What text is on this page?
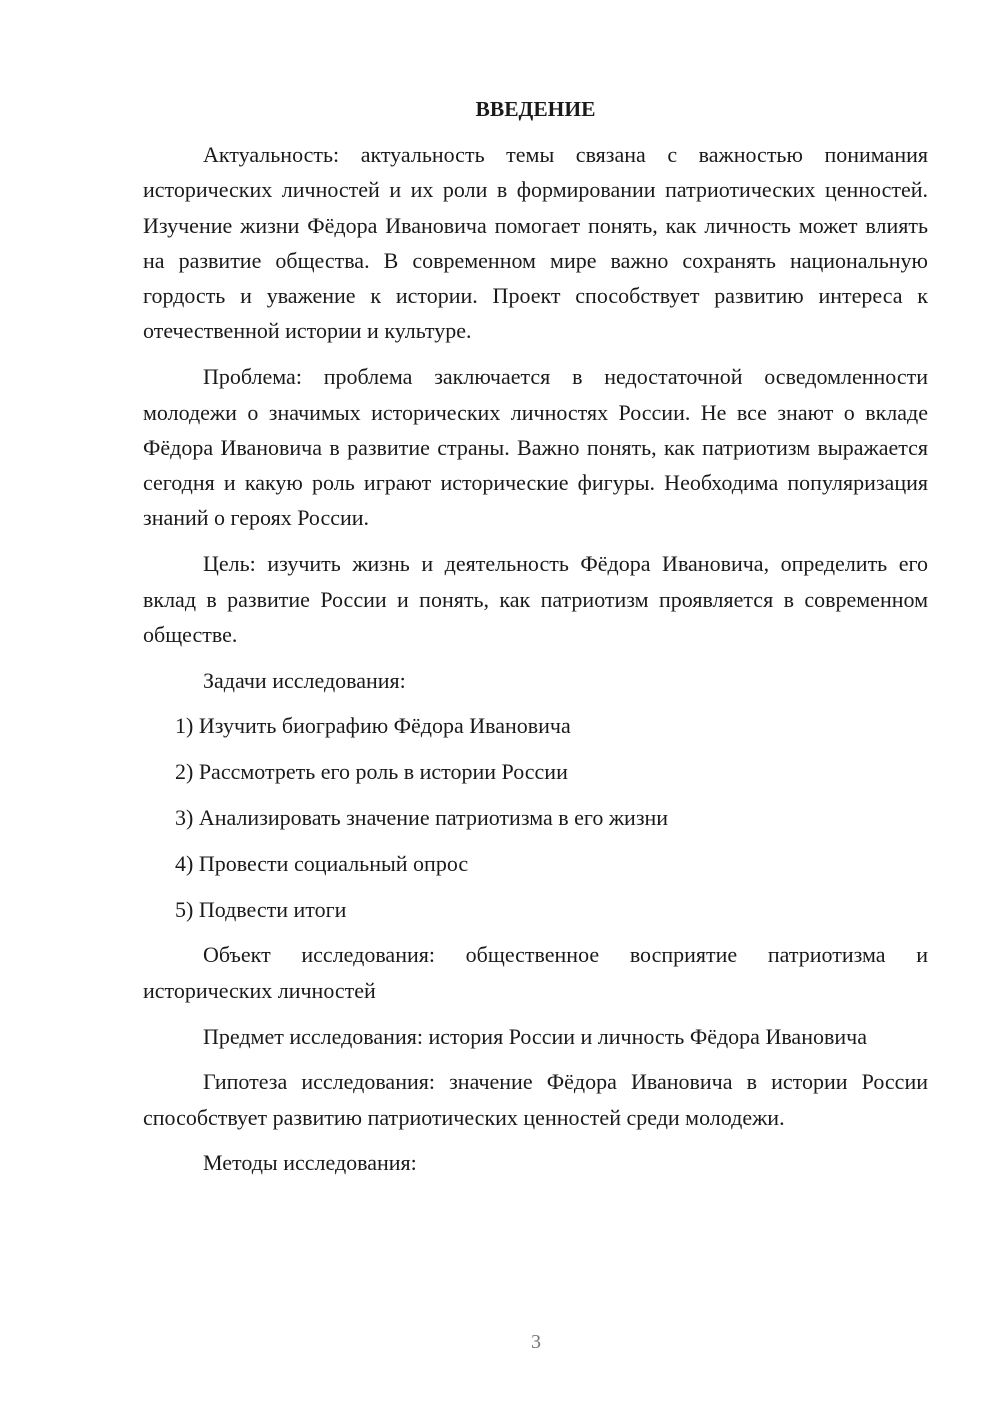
ВВЕДЕНИЕ

Актуальность: актуальность темы связана с важностью понимания исторических личностей и их роли в формировании патриотических ценностей. Изучение жизни Фёдора Ивановича помогает понять, как личность может влиять на развитие общества. В современном мире важно сохранять национальную гордость и уважение к истории. Проект способствует развитию интереса к отечественной истории и культуре.

Проблема: проблема заключается в недостаточной осведомленности молодежи о значимых исторических личностях России. Не все знают о вкладе Фёдора Ивановича в развитие страны. Важно понять, как патриотизм выражается сегодня и какую роль играют исторические фигуры. Необходима популяризация знаний о героях России.

Цель: изучить жизнь и деятельность Фёдора Ивановича, определить его вклад в развитие России и понять, как патриотизм проявляется в современном обществе.

Задачи исследования:

1) Изучить биографию Фёдора Ивановича
2) Рассмотреть его роль в истории России
3) Анализировать значение патриотизма в его жизни
4) Провести социальный опрос
5) Подвести итоги

Объект исследования: общественное восприятие патриотизма и исторических личностей

Предмет исследования: история России и личность Фёдора Ивановича

Гипотеза исследования: значение Фёдора Ивановича в истории России способствует развитию патриотических ценностей среди молодежи.

Методы исследования:

3
